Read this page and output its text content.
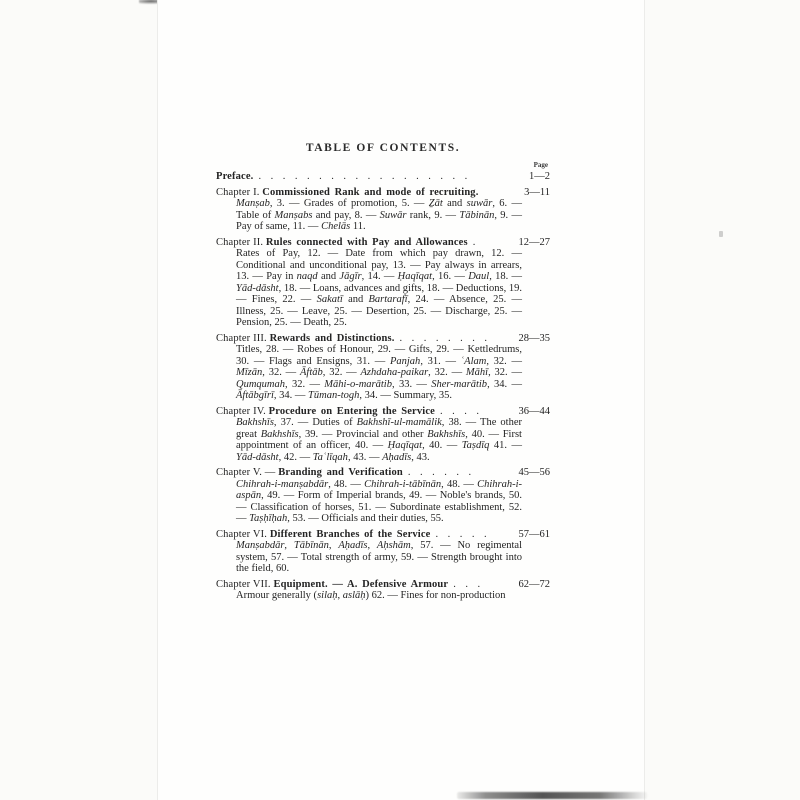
TABLE OF CONTENTS.
Page
Preface. ..................	1—2
Chapter I. Commissioned Rank and mode of recruiting.	3—11
Manṣab, 3. — Grades of promotion, 5. — Ẕāt and suwār, 6. — Table of Manṣabs and pay, 8. — Suwār rank, 9. — Tābinān, 9. — Pay of same, 11. — Chelās 11.
Chapter II. Rules connected with Pay and Allowances .	12—27
Rates of Pay, 12. — Date from which pay drawn, 12. — Conditional and unconditional pay, 13. — Pay always in arrears, 13. — Pay in naqd and Jāgīr, 14. — Ḥaqīqat, 16. — Daul, 18. — Yād-dāsht, 18. — Loans, advances and gifts, 18. — Deductions, 19. — Fines, 22. — Sakatī and Bartarafī, 24. — Absence, 25. — Illness, 25. — Leave, 25. — Desertion, 25. — Discharge, 25. — Pension, 25. — Death, 25.
Chapter III. Rewards and Distinctions. ........	28—35
Titles, 28. — Robes of Honour, 29. — Gifts, 29. — Kettledrums, 30. — Flags and Ensigns, 31. — Panjah, 31. — ʿAlam, 32. — Mīzān, 32. — Āftāb, 32. — Azhdaha-paikar, 32. — Māhī, 32. — Qumqumah, 32. — Māhi-o-marātib, 33. — Sher-marātib, 34. — Āftābgīrī, 34. — Tūman-togh, 34. — Summary, 35.
Chapter IV. Procedure on Entering the Service ....	36—44
Bakhshīs, 37. — Duties of Bakhshī-ul-mamālik, 38. — The other great Bakhshīs, 39. — Provincial and other Bakhshīs, 40. — First appointment of an officer, 40. — Ḥaqīqat, 40. — Taṣdīq 41. — Yād-dāsht, 42. — Taʿlīqah, 43. — Aḥadīs, 43.
Chapter V. — Branding and Verification ......	45—56
Chihrah-i-manṣabdār, 48. — Chihrah-i-tābīnān, 48. — Chihrah-i-aspān, 49. — Form of Imperial brands, 49. — Noble's brands, 50. — Classification of horses, 51. — Subordinate establishment, 52. — Taṣḥīḥah, 53. — Officials and their duties, 55.
Chapter VI. Different Branches of the Service .....	57—61
Manṣabdār, Tābīnān, Aḥadīs, Aḥshām, 57. — No regimental system, 57. — Total strength of army, 59. — Strength brought into the field, 60.
Chapter VII. Equipment. — A. Defensive Armour ...	62—72
Armour generally (silaḥ, aslāḥ) 62. — Fines for non-production
